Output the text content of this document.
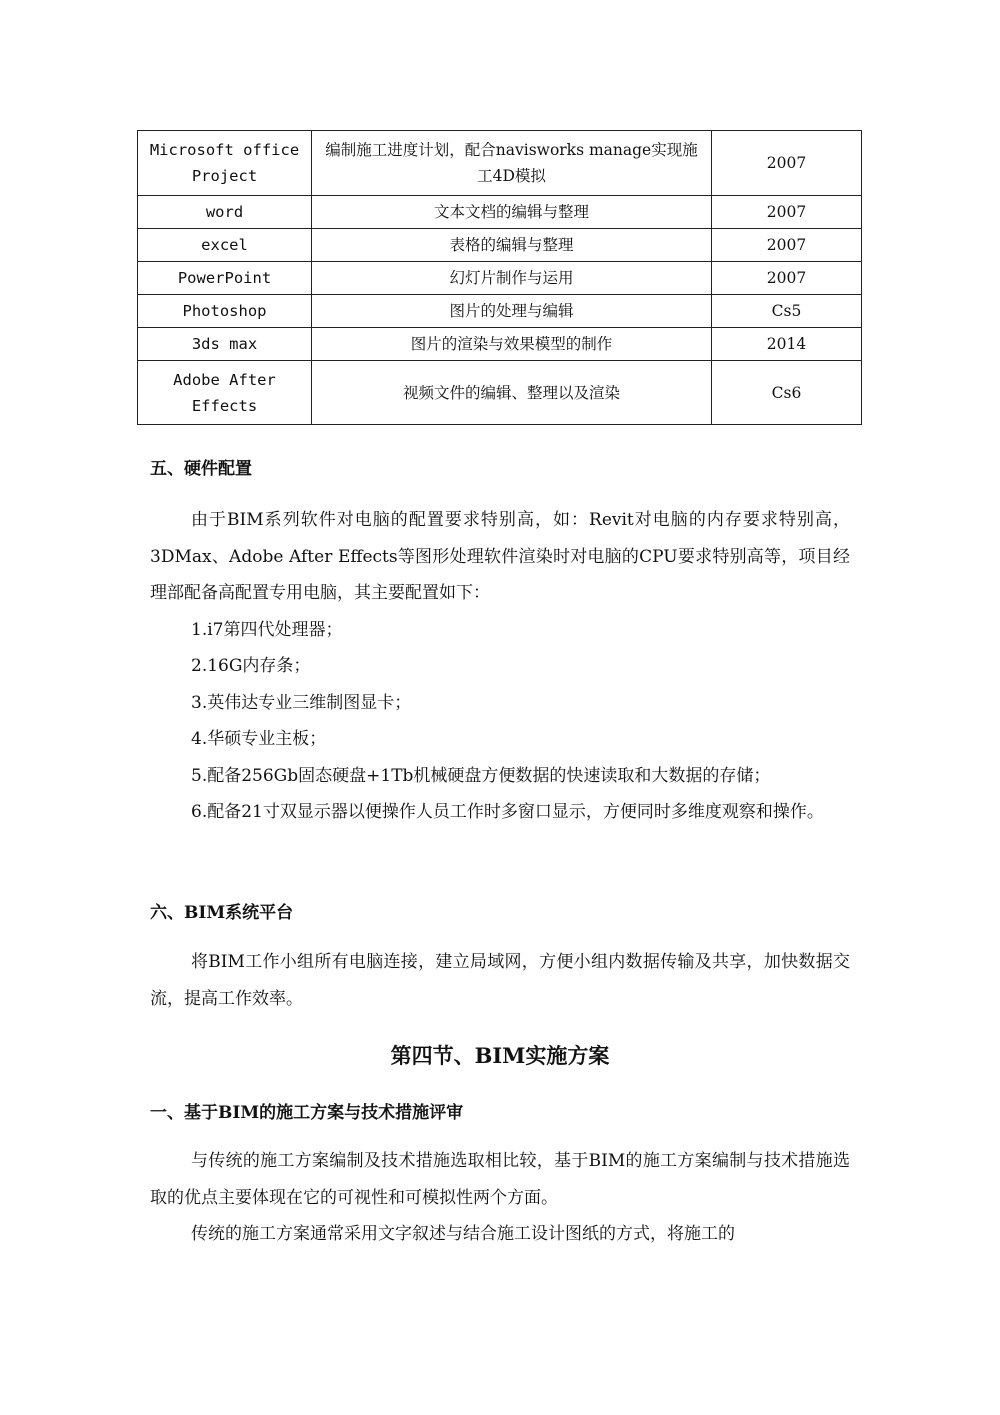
Microsoft office Project	编制施工进度计划，配合navisworks manage实现施工4D模拟	2007
word	文本文档的编辑与整理	2007
excel	表格的编辑与整理	2007
PowerPoint	幻灯片制作与运用	2007
Photoshop	图片的处理与编辑	Cs5
3ds max	图片的渲染与效果模型的制作	2014
Adobe After Effects	视频文件的编辑、整理以及渲染	Cs6
五、硬件配置

由于BIM系列软件对电脑的配置要求特别高，如：Revit对电脑的内存要求特别高，3DMax、Adobe After Effects等图形处理软件渲染时对电脑的CPU要求特别高等，项目经理部配备高配置专用电脑，其主要配置如下：

1.i7第四代处理器；

2.16G内存条；

3.英伟达专业三维制图显卡；

4.华硕专业主板；

5.配备256Gb固态硬盘+1Tb机械硬盘方便数据的快速读取和大数据的存储；

6.配备21寸双显示器以便操作人员工作时多窗口显示，方便同时多维度观察和操作。

六、BIM系统平台

将BIM工作小组所有电脑连接，建立局域网，方便小组内数据传输及共享，加快数据交流，提高工作效率。

第四节、BIM实施方案
一、基于BIM的施工方案与技术措施评审

与传统的施工方案编制及技术措施选取相比较，基于BIM的施工方案编制与技术措施选取的优点主要体现在它的可视性和可模拟性两个方面。

传统的施工方案通常采用文字叙述与结合施工设计图纸的方式，将施工的
